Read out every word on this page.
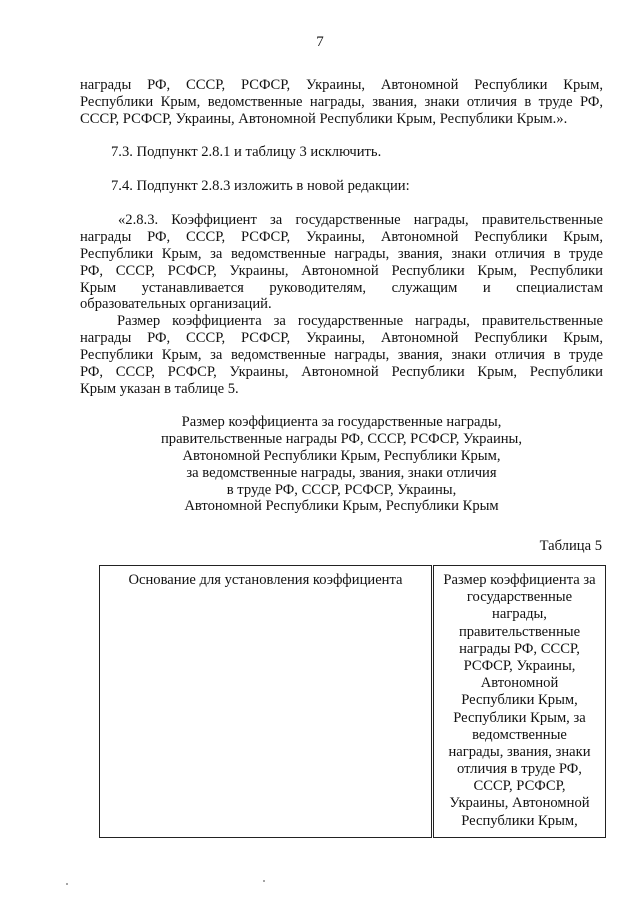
7
награды РФ, СССР, РСФСР, Украины, Автономной Республики Крым,
Республики Крым, ведомственные награды, звания, знаки отличия в труде РФ,
СССР, РСФСР, Украины, Автономной Республики Крым, Республики Крым.».
7.3. Подпункт 2.8.1 и таблицу 3 исключить.
7.4. Подпункт 2.8.3 изложить в новой редакции:
«2.8.3. Коэффициент за государственные награды, правительственные
награды РФ, СССР, РСФСР, Украины, Автономной Республики Крым,
Республики Крым, за ведомственные награды, звания, знаки отличия в труде
РФ, СССР, РСФСР, Украины, Автономной Республики Крым, Республики
Крым устанавливается руководителям, служащим и специалистам
образовательных организаций.
Размер коэффициента за государственные награды, правительственные
награды РФ, СССР, РСФСР, Украины, Автономной Республики Крым,
Республики Крым, за ведомственные награды, звания, знаки отличия в труде
РФ, СССР, РСФСР, Украины, Автономной Республики Крым, Республики
Крым указан в таблице 5.
Размер коэффициента за государственные награды,
правительственные награды РФ, СССР, РСФСР, Украины,
Автономной Республики Крым, Республики Крым,
за ведомственные награды, звания, знаки отличия
в труде РФ, СССР, РСФСР, Украины,
Автономной Республики Крым, Республики Крым
Таблица 5
Основание для установления коэффициента	Размер коэффициента за
государственные
награды,
правительственные
награды РФ, СССР,
РСФСР, Украины,
Автономной
Республики Крым,
Республики Крым, за
ведомственные
награды, звания, знаки
отличия в труде РФ,
СССР, РСФСР,
Украины, Автономной
Республики Крым,
